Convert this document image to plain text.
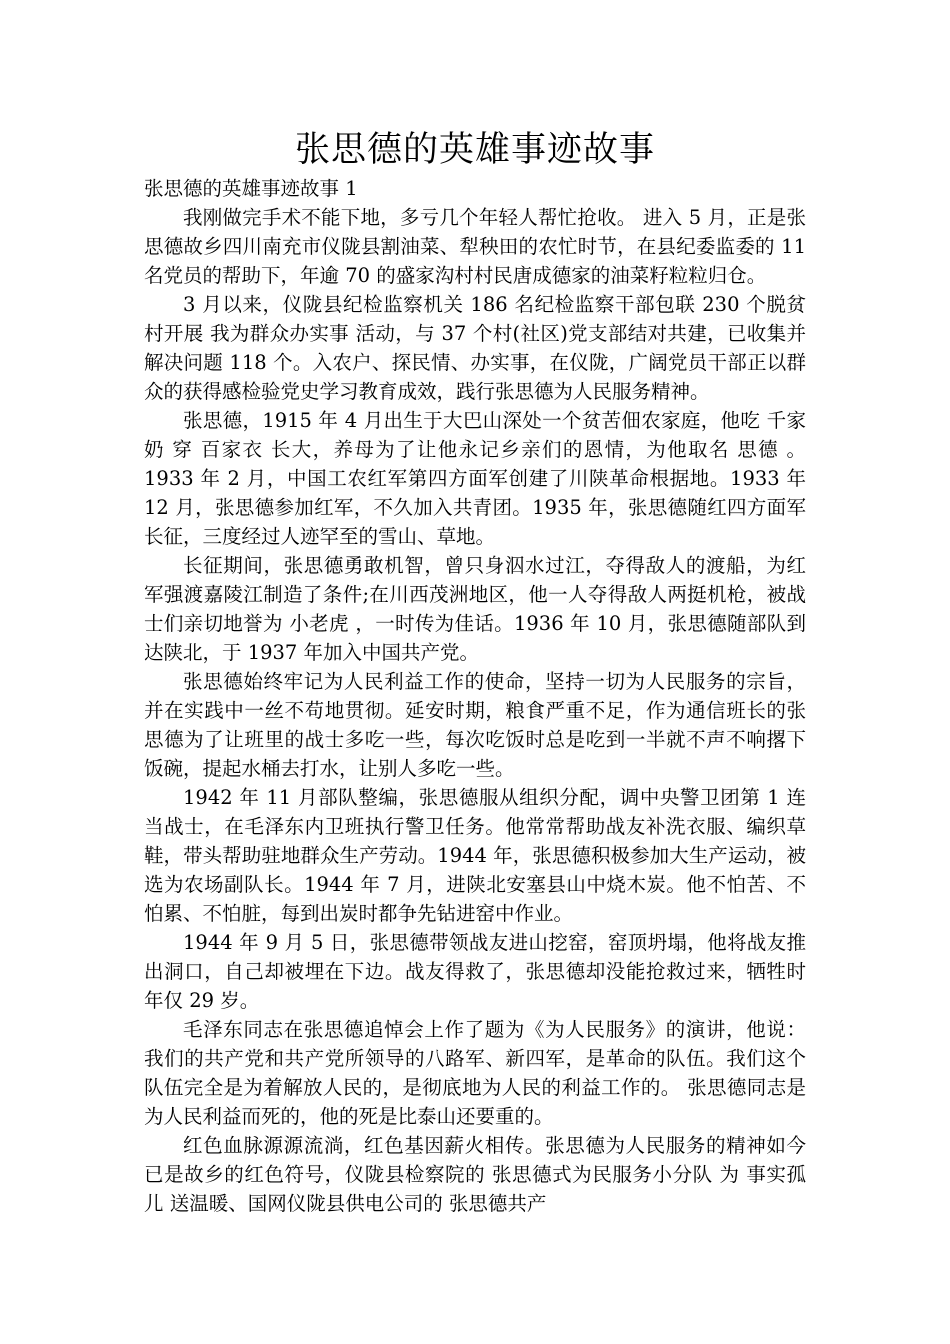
张思德的英雄事迹故事

张思德的英雄事迹故事 1

我刚做完手术不能下地，多亏几个年轻人帮忙抢收。 进入 5 月，正是张思德故乡四川南充市仪陇县割油菜、犁秧田的农忙时节，在县纪委监委的 11 名党员的帮助下，年逾 70 的盛家沟村村民唐成德家的油菜籽粒粒归仓。

3 月以来，仪陇县纪检监察机关 186 名纪检监察干部包联 230 个脱贫村开展 我为群众办实事 活动，与 37 个村(社区)党支部结对共建，已收集并解决问题 118 个。入农户、探民情、办实事，在仪陇，广阔党员干部正以群众的获得感检验党史学习教育成效，践行张思德为人民服务精神。

张思德，1915 年 4 月出生于大巴山深处一个贫苦佃农家庭，他吃 千家奶 穿 百家衣 长大，养母为了让他永记乡亲们的恩情，为他取名 思德 。1933 年 2 月，中国工农红军第四方面军创建了川陕革命根据地。1933 年 12 月，张思德参加红军，不久加入共青团。1935 年，张思德随红四方面军长征，三度经过人迹罕至的雪山、草地。

长征期间，张思德勇敢机智，曾只身泅水过江，夺得敌人的渡船，为红军强渡嘉陵江制造了条件;在川西茂洲地区，他一人夺得敌人两挺机枪，被战士们亲切地誉为 小老虎 ，一时传为佳话。1936 年 10 月，张思德随部队到达陕北，于 1937 年加入中国共产党。

张思德始终牢记为人民利益工作的使命，坚持一切为人民服务的宗旨，并在实践中一丝不苟地贯彻。延安时期，粮食严重不足，作为通信班长的张思德为了让班里的战士多吃一些，每次吃饭时总是吃到一半就不声不响撂下饭碗，提起水桶去打水，让别人多吃一些。

1942 年 11 月部队整编，张思德服从组织分配，调中央警卫团第 1 连当战士，在毛泽东内卫班执行警卫任务。他常常帮助战友补洗衣服、编织草鞋，带头帮助驻地群众生产劳动。1944 年，张思德积极参加大生产运动，被选为农场副队长。1944 年 7 月，进陕北安塞县山中烧木炭。他不怕苦、不怕累、不怕脏，每到出炭时都争先钻进窑中作业。

1944 年 9 月 5 日，张思德带领战友进山挖窑，窑顶坍塌，他将战友推出洞口，自己却被埋在下边。战友得救了，张思德却没能抢救过来，牺牲时年仅 29 岁。

毛泽东同志在张思德追悼会上作了题为《为人民服务》的演讲，他说： 我们的共产党和共产党所领导的八路军、新四军，是革命的队伍。我们这个队伍完全是为着解放人民的，是彻底地为人民的利益工作的。 张思德同志是为人民利益而死的，他的死是比泰山还要重的。

红色血脉源源流淌，红色基因薪火相传。张思德为人民服务的精神如今已是故乡的红色符号，仪陇县检察院的 张思德式为民服务小分队 为 事实孤儿 送温暖、国网仪陇县供电公司的 张思德共产
